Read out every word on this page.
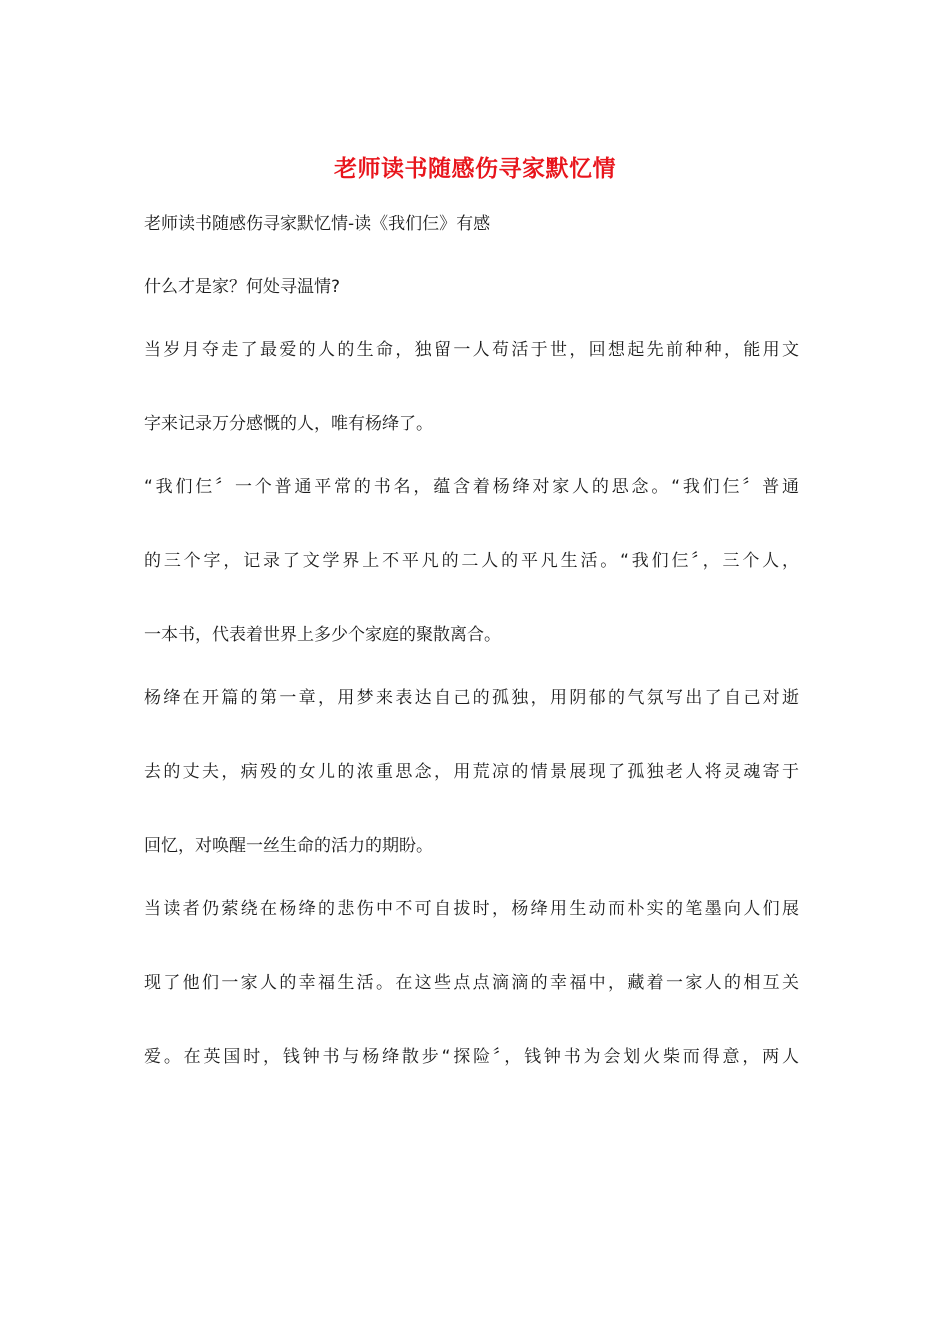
老师读书随感伤寻家默忆情
老师读书随感伤寻家默忆情-读《我们仨》有感
什么才是家？何处寻温情?
当岁月夺走了最爱的人的生命，独留一人苟活于世，回想起先前种种，能用文
字来记录万分感慨的人，唯有杨绛了。
“我们仨〞一个普通平常的书名，蕴含着杨绛对家人的思念。“我们仨〞普通
的三个字，记录了文学界上不平凡的二人的平凡生活。“我们仨〞，三个人，
一本书，代表着世界上多少个家庭的聚散离合。
杨绛在开篇的第一章，用梦来表达自己的孤独，用阴郁的气氛写出了自己对逝
去的丈夫，病殁的女儿的浓重思念，用荒凉的情景展现了孤独老人将灵魂寄于
回忆，对唤醒一丝生命的活力的期盼。
当读者仍萦绕在杨绛的悲伤中不可自拔时，杨绛用生动而朴实的笔墨向人们展
现了他们一家人的幸福生活。在这些点点滴滴的幸福中，藏着一家人的相互关
爱。在英国时，钱钟书与杨绛散步“探险〞，钱钟书为会划火柴而得意，两人
